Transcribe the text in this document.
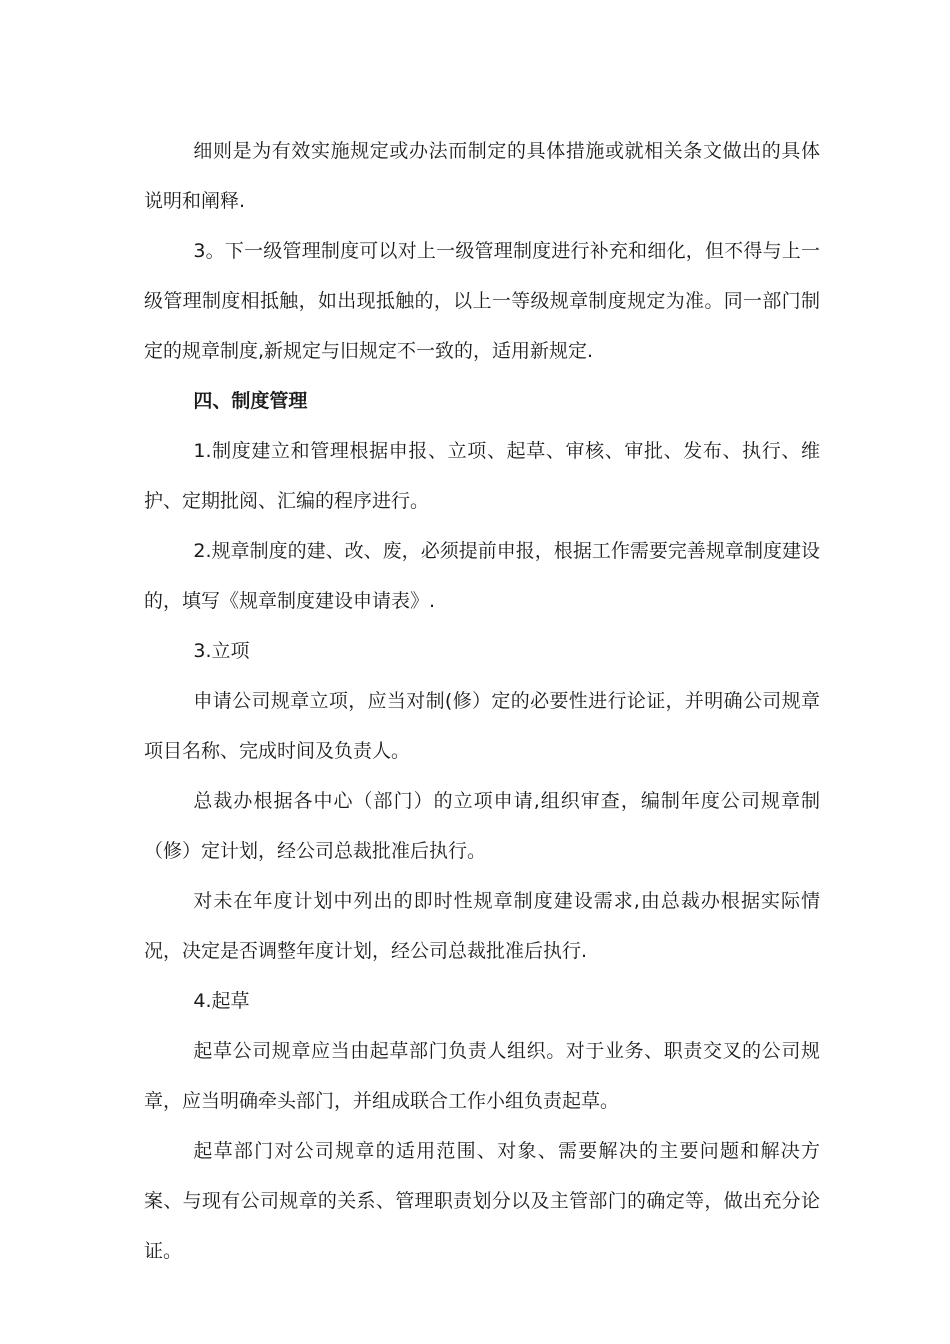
细则是为有效实施规定或办法而制定的具体措施或就相关条文做出的具体说明和阐释.

3。下一级管理制度可以对上一级管理制度进行补充和细化，但不得与上一级管理制度相抵触，如出现抵触的，以上一等级规章制度规定为准。同一部门制定的规章制度,新规定与旧规定不一致的，适用新规定.

四、制度管理

1.制度建立和管理根据申报、立项、起草、审核、审批、发布、执行、维护、定期批阅、汇编的程序进行。

2.规章制度的建、改、废，必须提前申报，根据工作需要完善规章制度建设的，填写《规章制度建设申请表》.

3.立项

申请公司规章立项，应当对制(修）定的必要性进行论证，并明确公司规章项目名称、完成时间及负责人。

总裁办根据各中心（部门）的立项申请,组织审查，编制年度公司规章制（修）定计划，经公司总裁批准后执行。

对未在年度计划中列出的即时性规章制度建设需求,由总裁办根据实际情况，决定是否调整年度计划，经公司总裁批准后执行.

4.起草

起草公司规章应当由起草部门负责人组织。对于业务、职责交叉的公司规章，应当明确牵头部门，并组成联合工作小组负责起草。

起草部门对公司规章的适用范围、对象、需要解决的主要问题和解决方案、与现有公司规章的关系、管理职责划分以及主管部门的确定等，做出充分论证。
